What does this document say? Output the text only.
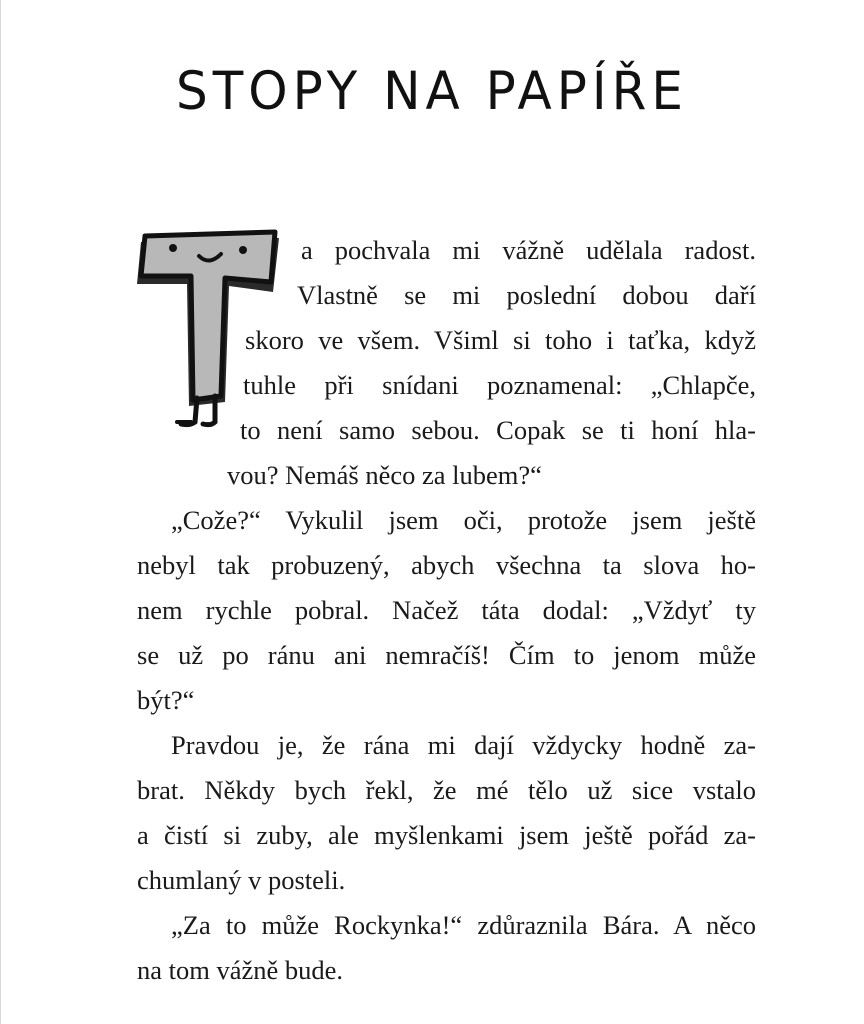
STOPY NA PAPÍŘE
a pochvala mi vážně udělala radost.
Vlastně se mi poslední dobou daří
skoro ve všem. Všiml si toho i taťka, když
tuhle při snídani poznamenal: „Chlapče,
to není samo sebou. Copak se ti honí hla-
vou? Nemáš něco za lubem?“
„Cože?“ Vykulil jsem oči, protože jsem ještě
nebyl tak probuzený, abych všechna ta slova ho-
nem rychle pobral. Načež táta dodal: „Vždyť ty
se už po ránu ani nemračíš! Čím to jenom může
být?“
Pravdou je, že rána mi dají vždycky hodně za-
brat. Někdy bych řekl, že mé tělo už sice vstalo
a čistí si zuby, ale myšlenkami jsem ještě pořád za-
chumlaný v posteli.
„Za to může Rockynka!“ zdůraznila Bára. A něco
na tom vážně bude.
